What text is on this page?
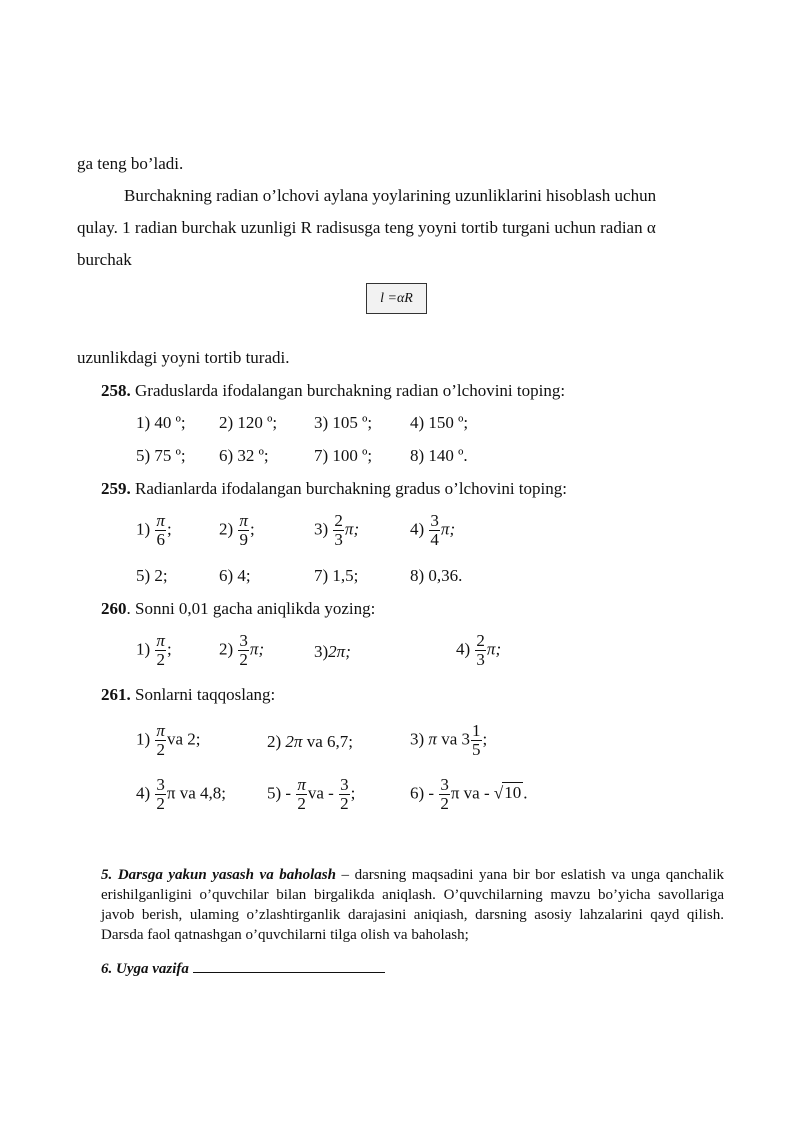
ga teng bo’ladi.
Burchakning radian o’lchovi aylana yoylarining uzunliklarini hisoblash uchun
qulay. 1 radian burchak uzunligi R radisusga teng yoyni tortib turgani uchun radian α
burchak
l =αR
uzunlikdagi yoyni tortib turadi.
258. Graduslarda ifodalangan burchakning radian o’lchovini toping:
1) 40 º; 2) 120 º; 3) 105 º; 4) 150 º;
5) 75 º; 6) 32 º;	7) 100 º; 8) 140 º.
259. Radianlarda ifodalangan burchakning gradus o’lchovini toping:
$1) \frac{\pi}{6}$ ;	$2) \frac{\pi}{9}$ ;	$3) \frac{2}{3} \pi$;	$4) \frac{3}{4} \pi$;
5) 2;	6) 4;	7) 1,5;	8) 0,36.
260. Sonni 0,01 gacha aniqlikda yozing:
$1) \frac{\pi}{2}$ ;	$2) \frac{3}{2} \pi$;	3)2π;	$4) \frac{2}{3} \pi$;
261. Sonlarni taqqoslang:
$1) \frac{\pi}{2}$ va 2;	2) 2π va 6,7;	3) π va $3 \frac{1}{5}$ ;
$4) \frac{3}{2}$ π va 4,8; $5) - \frac{\pi}{2}$ va - $\frac{3}{2}$ ;	$6) - \frac{3}{2}$ π va - √10 .
5. Darsga yakun yasash va baholash – darsning maqsadini yana bir bor eslatish va unga qanchalik erishilganligini o’quvchilar bilan birgalikda aniqlash. O’quvchilarning mavzu bo’yicha savollariga javob berish, ulaming o’zlashtirganlik darajasini aniqiash, darsning asosiy lahzalarini qayd qilish. Darsda faol qatnashgan o’quvchilarni tilga olish va baholash;
6. Uyga vazifa
